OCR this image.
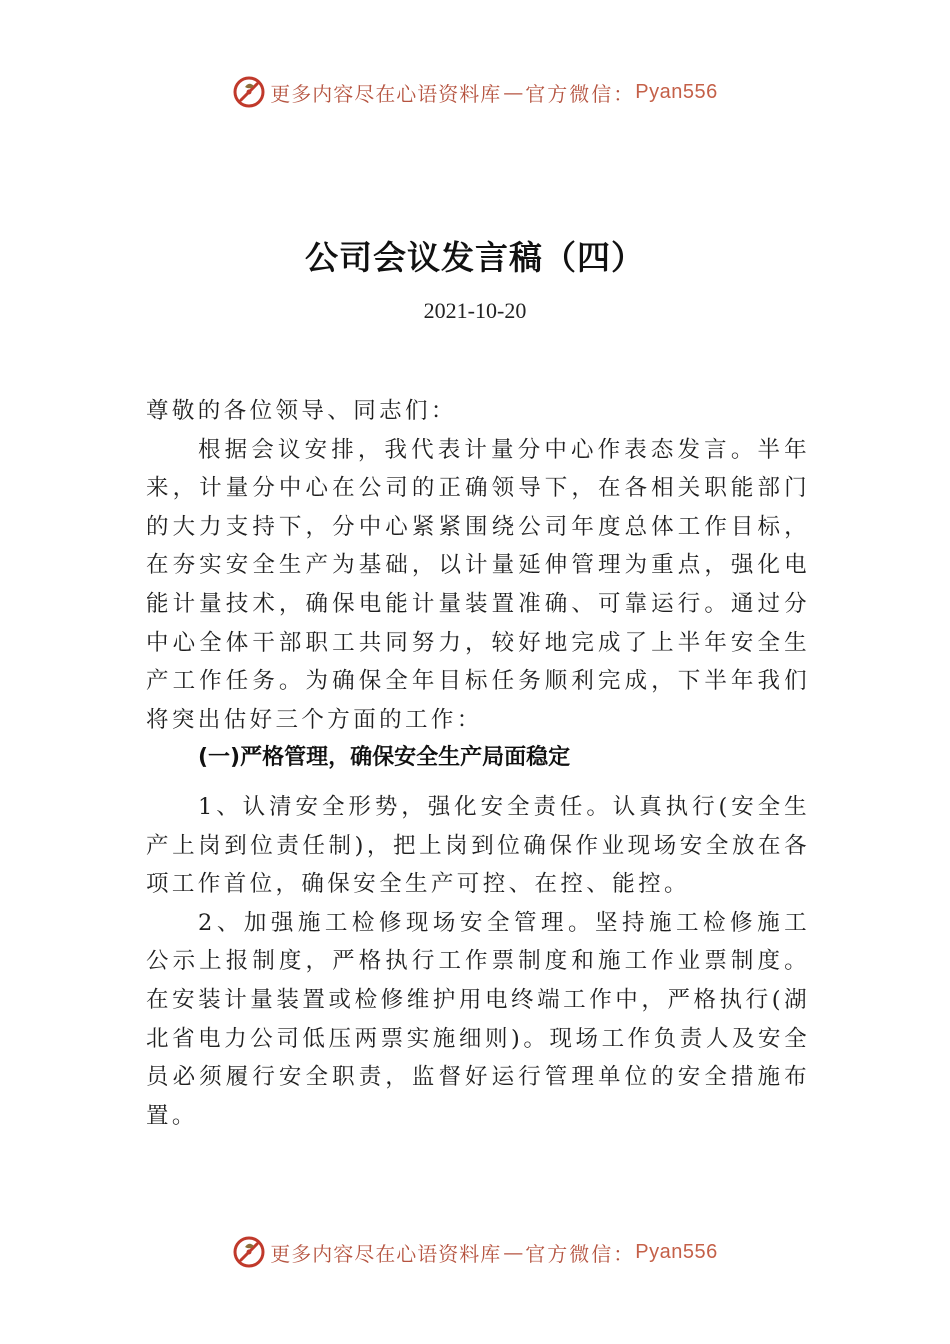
更多内容尽在心语资料库 — 官方微信： Pyan556
公司会议发言稿（四）
2021-10-20

尊敬的各位领导、同志们：

根据会议安排，我代表计量分中心作表态发言。半年来，计量分中心在公司的正确领导下，在各相关职能部门的大力支持下，分中心紧紧围绕公司年度总体工作目标，在夯实安全生产为基础，以计量延伸管理为重点，强化电能计量技术，确保电能计量装置准确、可靠运行。通过分中心全体干部职工共同努力，较好地完成了上半年安全生产工作任务。为确保全年目标任务顺利完成，下半年我们将突出估好三个方面的工作：

(一)严格管理，确保安全生产局面稳定

1、认清安全形势，强化安全责任。认真执行(安全生产上岗到位责任制)，把上岗到位确保作业现场安全放在各项工作首位，确保安全生产可控、在控、能控。

2、加强施工检修现场安全管理。坚持施工检修施工公示上报制度，严格执行工作票制度和施工作业票制度。在安装计量装置或检修维护用电终端工作中，严格执行(湖北省电力公司低压两票实施细则)。现场工作负责人及安全员必须履行安全职责，监督好运行管理单位的安全措施布置。

更多内容尽在心语资料库 — 官方微信： Pyan556
